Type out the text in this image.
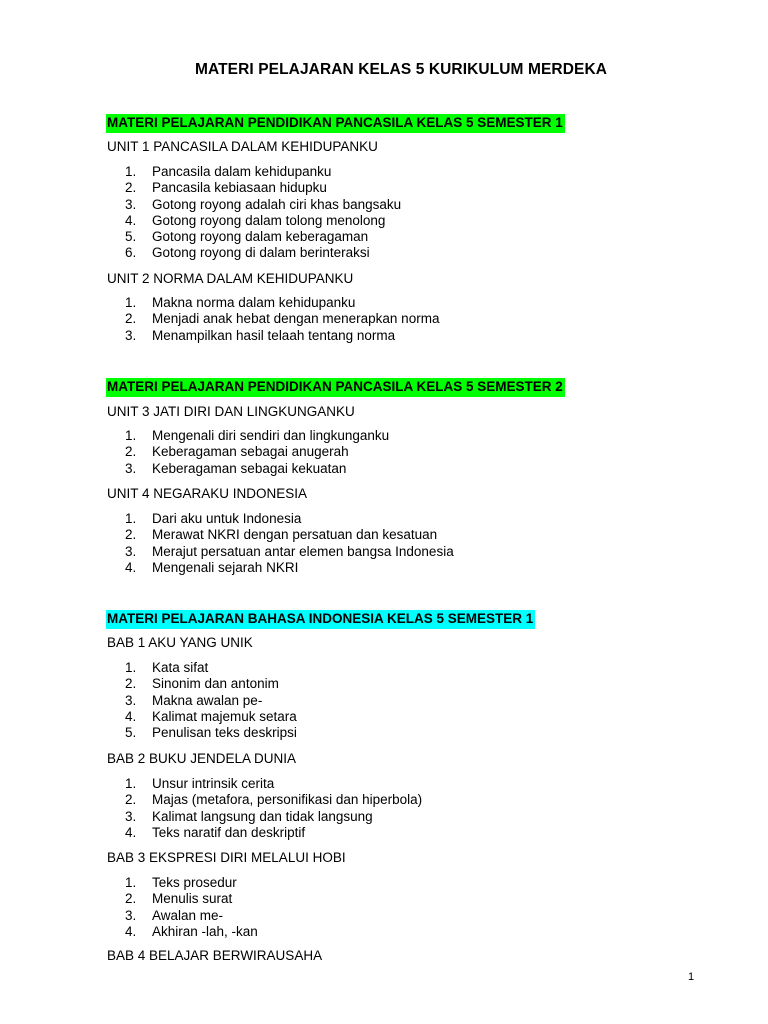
MATERI PELAJARAN KELAS 5 KURIKULUM MERDEKA
MATERI PELAJARAN PENDIDIKAN PANCASILA KELAS 5 SEMESTER 1
UNIT 1 PANCASILA DALAM KEHIDUPANKU
1.	Pancasila dalam kehidupanku
2.	Pancasila kebiasaan hidupku
3.	Gotong royong adalah ciri khas bangsaku
4.	Gotong royong dalam tolong menolong
5.	Gotong royong dalam keberagaman
6.	Gotong royong di dalam berinteraksi
UNIT 2 NORMA DALAM KEHIDUPANKU
1.	Makna norma dalam kehidupanku
2.	Menjadi anak hebat dengan menerapkan norma
3.	Menampilkan hasil telaah tentang norma
MATERI PELAJARAN PENDIDIKAN PANCASILA KELAS 5 SEMESTER 2
UNIT 3 JATI DIRI DAN LINGKUNGANKU
1.	Mengenali diri sendiri dan lingkunganku
2.	Keberagaman sebagai anugerah
3.	Keberagaman sebagai kekuatan
UNIT 4 NEGARAKU INDONESIA
1.	Dari aku untuk Indonesia
2.	Merawat NKRI dengan persatuan dan kesatuan
3.	Merajut persatuan antar elemen bangsa Indonesia
4.	Mengenali sejarah NKRI
MATERI PELAJARAN BAHASA INDONESIA KELAS 5 SEMESTER 1
BAB 1 AKU YANG UNIK
1.	Kata sifat
2.	Sinonim dan antonim
3.	Makna awalan pe-
4.	Kalimat majemuk setara
5.	Penulisan teks deskripsi
BAB 2 BUKU JENDELA DUNIA
1.	Unsur intrinsik cerita
2.	Majas (metafora, personifikasi dan hiperbola)
3.	Kalimat langsung dan tidak langsung
4.	Teks naratif dan deskriptif
BAB 3 EKSPRESI DIRI MELALUI HOBI
1.	Teks prosedur
2.	Menulis surat
3.	Awalan me-
4.	Akhiran -lah, -kan
BAB 4 BELAJAR BERWIRAUSAHA
1
